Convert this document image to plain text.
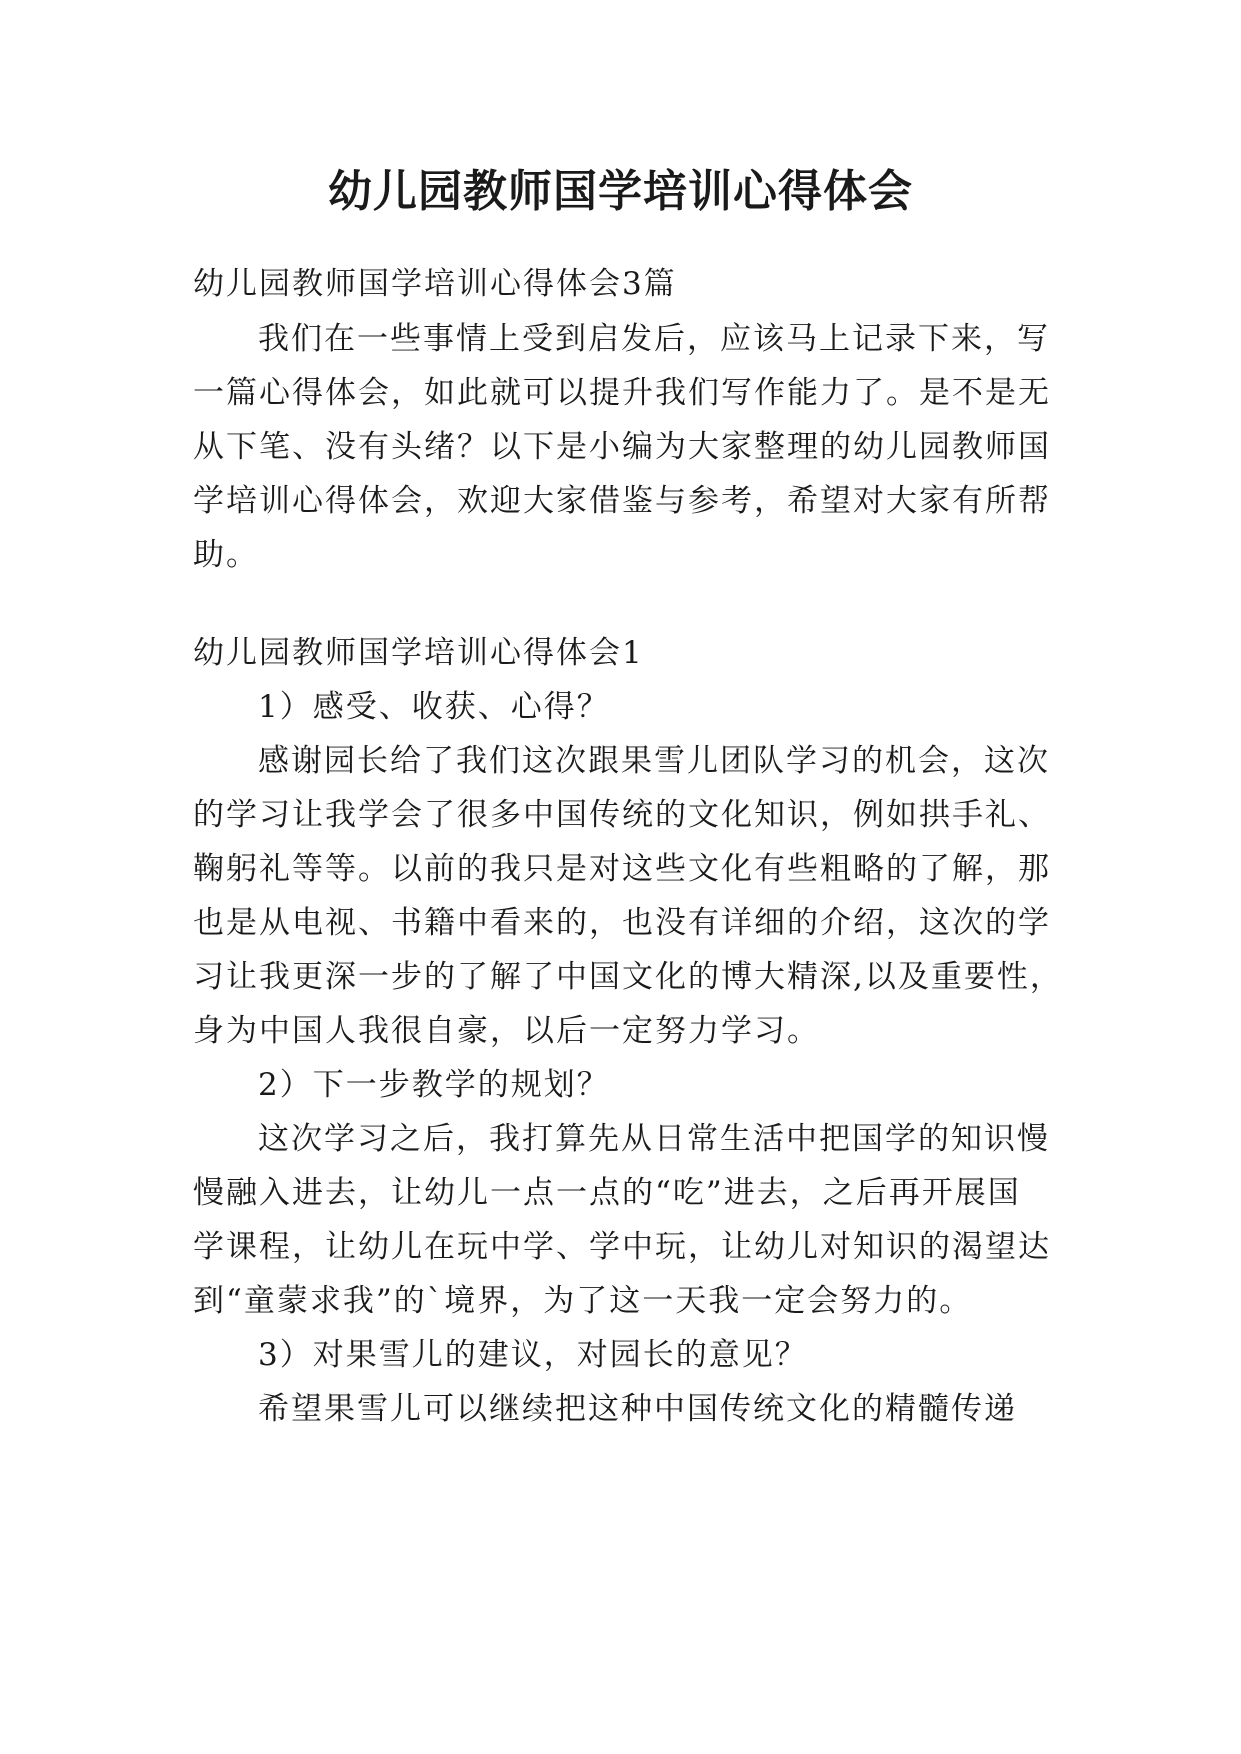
幼儿园教师国学培训心得体会
幼儿园教师国学培训心得体会3篇
我们在一些事情上受到启发后，应该马上记录下来，写
一篇心得体会，如此就可以提升我们写作能力了。是不是无
从下笔、没有头绪？以下是小编为大家整理的幼儿园教师国
学培训心得体会，欢迎大家借鉴与参考，希望对大家有所帮
助。
幼儿园教师国学培训心得体会1
1）感受、收获、心得？
感谢园长给了我们这次跟果雪儿团队学习的机会，这次
的学习让我学会了很多中国传统的文化知识，例如拱手礼、
鞠躬礼等等。以前的我只是对这些文化有些粗略的了解，那
也是从电视、书籍中看来的，也没有详细的介绍，这次的学
习让我更深一步的了解了中国文化的博大精深,以及重要性，
身为中国人我很自豪，以后一定努力学习。
2）下一步教学的规划？
这次学习之后，我打算先从日常生活中把国学的知识慢
慢融入进去，让幼儿一点一点的“吃”进去，之后再开展国
学课程，让幼儿在玩中学、学中玩，让幼儿对知识的渴望达
到“童蒙求我”的`境界，为了这一天我一定会努力的。
3）对果雪儿的建议，对园长的意见？
希望果雪儿可以继续把这种中国传统文化的精髓传递
